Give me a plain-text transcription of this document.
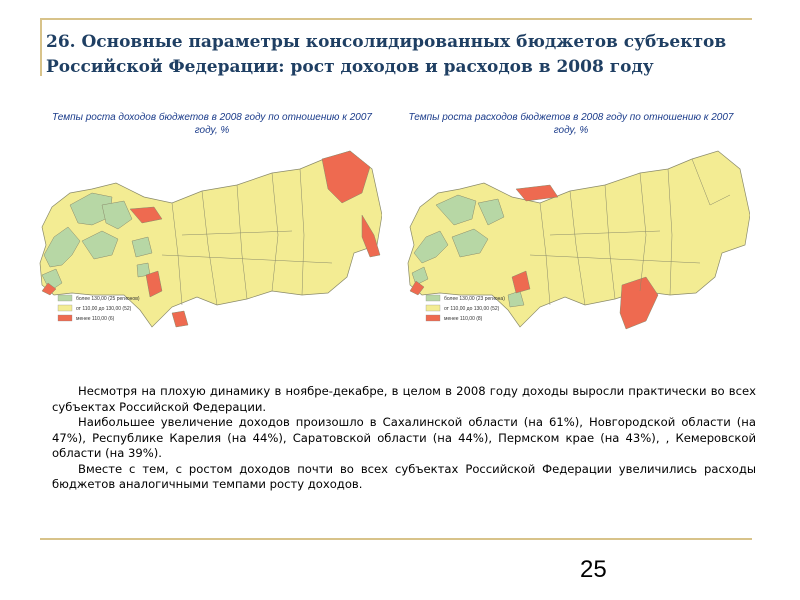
26. Основные параметры консолидированных бюджетов субъектов Российской Федерации: рост доходов и расходов в 2008 году
Темпы роста доходов бюджетов в 2008 году по отношению к 2007 году, %
более 130,00 (25 регионов)
от 110,00 до 130,00 (52)
менее 110,00 (6)
Темпы роста расходов бюджетов в 2008 году по отношению к 2007 году, %
более 130,00 (23 региона)
от 110,00 до 130,00 (52)
менее 110,00 (8)

Несмотря на плохую динамику в ноябре-декабре, в целом в 2008 году доходы выросли практически во всех субъектах Российской Федерации.

Наибольшее увеличение доходов произошло в Сахалинской области (на 61%), Новгородской области (на 47%), Республике Карелия (на 44%), Саратовской области (на 44%), Пермском крае (на 43%), , Кемеровской области (на 39%).

Вместе с тем, с ростом доходов почти во всех субъектах Российской Федерации увеличились расходы бюджетов аналогичными темпами росту доходов.

25
